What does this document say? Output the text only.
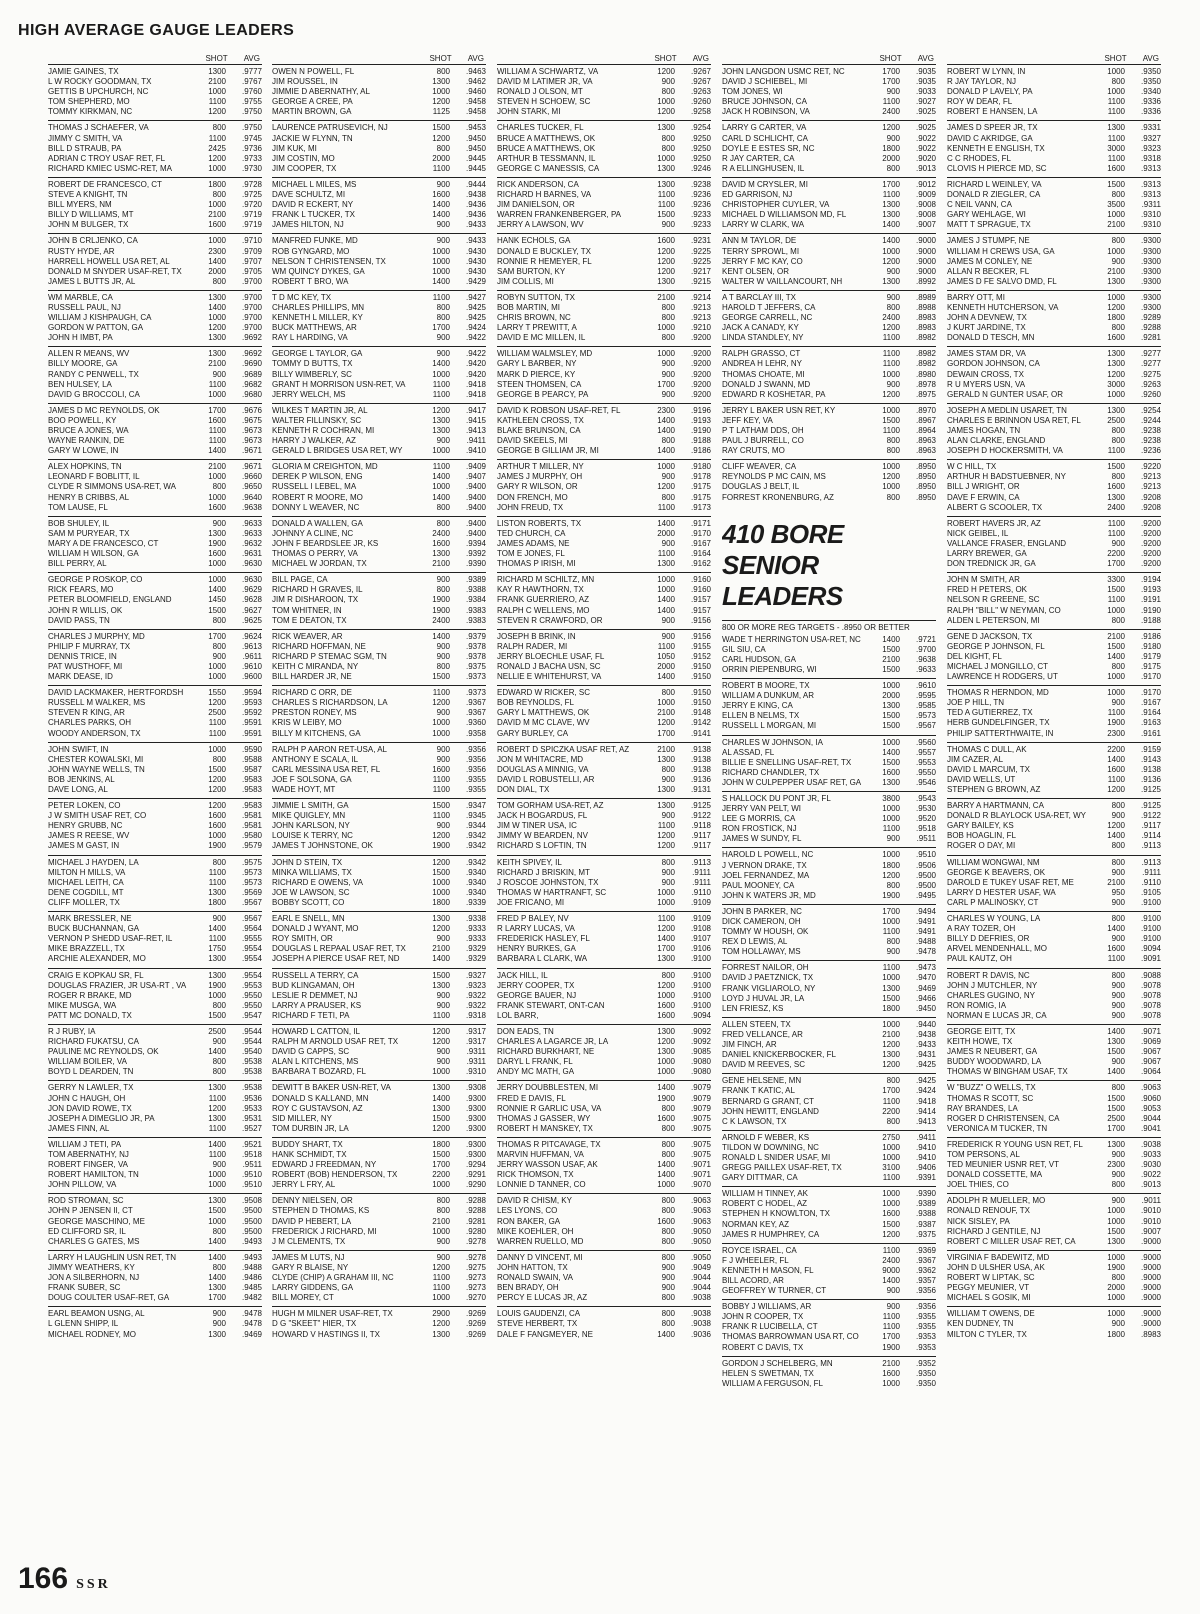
HIGH AVERAGE GAUGE LEADERS
SHOT AVG
JAMIE GAINES, TX	1300	.9777
L W ROCKY GOODMAN, TX	2100	.9767
GETTIS B UPCHURCH, NC	1000	.9760
TOM SHEPHERD, MO	1100	.9755
TOMMY KIRKMAN, NC	1200	.9750
THOMAS J SCHAEFER, VA	800	.9750
JIMMY C SMITH, VA	1100	.9745
BILL D STRAUB, PA	2425	.9736
ADRIAN C TROY USAF RET, FL	1200	.9733
RICHARD KMIEC USMC-RET, MA	1000	.9730
ROBERT DE FRANCESCO, CT	1800	.9728
STEVE A KNIGHT, TN	800	.9725
BILL MYERS, NM	1000	.9720
BILLY D WILLIAMS, MT	2100	.9719
JOHN M BULGER, TX	1600	.9719
JOHN B CRLJENKO, CA	1000	.9710
RUSTY HYDE, AR	2300	.9709
HARRELL HOWELL USA RET, AL	1400	.9707
DONALD M SNYDER USAF-RET, TX	2000	.9705
JAMES L BUTTS JR, AL	800	.9700
WM MARBLE, CA	1300	.9700
RUSSELL PAUL, NJ	1400	.9700
WILLIAM J KISHPAUGH, CA	1000	.9700
GORDON W PATTON, GA	1200	.9700
JOHN H IMBT, PA	1300	.9692
ALLEN R MEANS, WV	1300	.9692
BILLY MOORE, GA	2100	.9690
RANDY C PENWELL, TX	900	.9689
BEN HULSEY, LA	1100	.9682
DAVID G BROCCOLI, CA	1000	.9680
JAMES D MC REYNOLDS, OK	1700	.9676
BOO POWELL, KY	1600	.9675
BRUCE A JONES, WA	1100	.9673
WAYNE RANKIN, DE	1100	.9673
GARY W LOWE, IN	1400	.9671
ALEX HOPKINS, TN	2100	.9671
LEONARD F BOBLITT, IL	1000	.9660
CLYDE R SIMMONS USA-RET, WA	800	.9650
HENRY B CRIBBS, AL	1000	.9640
TOM LAUSE, FL	1600	.9638
BOB SHULEY, IL	900	.9633
SAM M PURYEAR, TX	1300	.9633
MARY A DE FRANCESCO, CT	1900	.9632
WILLIAM H WILSON, GA	1600	.9631
BILL PERRY, AL	1000	.9630
GEORGE P ROSKOP, CO	1000	.9630
RICK FEARS, MO	1400	.9629
PETER BLOOMFIELD, ENGLAND	1450	.9628
JOHN R WILLIS, OK	1500	.9627
DAVID PASS, TN	800	.9625
CHARLES J MURPHY, MD	1700	.9624
PHILIP F MURRAY, TX	800	.9613
DENNIS TRICE, IN	900	.9611
PAT WUSTHOFF, MI	1000	.9610
MARK DEASE, ID	1000	.9600
DAVID LACKMAKER, HERTFORDSH	1550	.9594
RUSSELL M WALKER, MS	1200	.9593
STEVEN R KING, AR	2500	.9592
CHARLES PARKS, OH	1100	.9591
WOODY ANDERSON, TX	1100	.9591
JOHN SWIFT, IN	1000	.9590
CHESTER KOWALSKI, MI	800	.9588
JOHN WAYNE WELLS, TN	1500	.9587
BOB JENKINS, AL	1200	.9583
DAVE LONG, AL	1200	.9583
PETER LOKEN, CO	1200	.9583
J W SMITH USAF RET, CO	1600	.9581
HENRY GRUBB, NC	1600	.9581
JAMES R REESE, WV	1000	.9580
JAMES M GAST, IN	1900	.9579
MICHAEL J HAYDEN, LA	800	.9575
MILTON H MILLS, VA	1100	.9573
MICHAEL LEITH, CA	1100	.9573
DENE COGDILL, MT	1300	.9569
CLIFF MOLLER, TX	1800	.9567
MARK BRESSLER, NE	900	.9567
BUCK BUCHANNAN, GA	1400	.9564
VERNON P SHEDD USAF-RET, IL	1100	.9555
MIKE BRAZZELL, TX	1750	.9554
ARCHIE ALEXANDER, MO	1300	.9554
CRAIG E KOPKAU SR, FL	1300	.9554
DOUGLAS FRAZIER, JR USA-RT , VA	1900	.9553
ROGER R BRAKE, MD	1000	.9550
MIKE MUSGA, WA	800	.9550
PATT MC DONALD, TX	1500	.9547
R J RUBY, IA	2500	.9544
RICHARD FUKATSU, CA	900	.9544
PAULINE MC REYNOLDS, OK	1400	.9540
WILLIAM BOILER, VA	800	.9538
BOYD L DEARDEN, TN	800	.9538
GERRY N LAWLER, TX	1300	.9538
JOHN C HAUGH, OH	1100	.9536
JON DAVID ROWE, TX	1200	.9533
JOSEPH A DIMEGLIO JR, PA	1300	.9531
JAMES FINN, AL	1100	.9527
WILLIAM J TETI, PA	1400	.9521
TOM ABERNATHY, NJ	1100	.9518
ROBERT FINGER, VA	900	.9511
ROBERT HAMILTON, TN	1000	.9510
JOHN PILLOW, VA	1000	.9510
ROD STROMAN, SC	1300	.9508
JOHN P JENSEN II, CT	1500	.9500
GEORGE MASCHINO, ME	1000	.9500
ED CLIFFORD SR, IL	800	.9500
CHARLES G GATES, MS	1400	.9493
LARRY H LAUGHLIN USN RET, TN	1400	.9493
JIMMY WEATHERS, KY	800	.9488
JON A SILBERHORN, NJ	1400	.9486
FRANK SUBER, SC	1300	.9485
DOUG COULTER USAF-RET, GA	1700	.9482
EARL BEAMON USNG, AL	900	.9478
L GLENN SHIPP, IL	900	.9478
MICHAEL RODNEY, MO	1300	.9469
SHOT AVG
OWEN N POWELL, FL	800	.9463
JIM ROUSSEL, IN	1300	.9462
JIMMIE D ABERNATHY, AL	1000	.9460
GEORGE A CREE, PA	1200	.9458
MARTIN BROWN, GA	1125	.9458
LAURENCE PATRUSEVICH, NJ	1500	.9453
JACKIE W FLYNN, TN	1200	.9450
JIM KUK, MI	800	.9450
JIM COSTIN, MO	2000	.9445
JIM COOPER, TX	1100	.9445
MICHAEL L MILES, MS	900	.9444
DAVE SCHULTZ, MI	1600	.9438
DAVID R ECKERT, NY	1400	.9436
FRANK L TUCKER, TX	1400	.9436
JAMES HILTON, NJ	900	.9433
MANFRED FUNKE, MD	900	.9433
ROB GYNGARD, MO	1000	.9430
NELSON T CHRISTENSEN, TX	1000	.9430
WM QUINCY DYKES, GA	1000	.9430
ROBERT T BRO, WA	1400	.9429
T D MC KEY, TX	1100	.9427
CHARLES PHILLIPS, MN	800	.9425
KENNETH L MILLER, KY	800	.9425
BUCK MATTHEWS, AR	1700	.9424
RAY L HARDING, VA	900	.9422
GEORGE L TAYLOR, GA	900	.9422
TOMMY D BUTTS, TX	1400	.9420
BILLY WIMBERLY, SC	1000	.9420
GRANT H MORRISON USN-RET, VA	1100	.9418
JERRY WELCH, MS	1100	.9418
WILKES T MARTIN JR, AL	1200	.9417
WALTER FILLINSKY, SC	1300	.9415
KENNETH R COCHRAN, MI	1300	.9413
HARRY J WALKER, AZ	900	.9411
GERALD L BRIDGES USA RET, WY	1000	.9410
GLORIA M CREIGHTON, MD	1100	.9409
DEREK P WILSON, ENG	1400	.9407
RUSSELL I LEBEL, MA	1000	.9400
ROBERT R MOORE, MO	1400	.9400
DONNY L WEAVER, NC	800	.9400
DONALD A WALLEN, GA	800	.9400
JOHNNY A CLINE, NC	2400	.9400
JOHN F BEARDSLEE JR, KS	1600	.9394
THOMAS O PERRY, VA	1300	.9392
MICHAEL W JORDAN, TX	2100	.9390
BILL PAGE, CA	900	.9389
RICHARD H GRAVES, IL	800	.9388
JIM R DISHAROON, TX	1900	.9384
TOM WHITNER, IN	1900	.9383
TOM E DEATON, TX	2400	.9383
RICK WEAVER, AR	1400	.9379
RICHARD HOFFMAN, NE	900	.9378
RICHARD P STEMAC SGM, TN	900	.9378
KEITH C MIRANDA, NY	800	.9375
BILL HARDER JR, NE	1500	.9373
RICHARD C ORR, DE	1100	.9373
CHARLES S RICHARDSON, LA	1200	.9367
PRESTON RONEY, MS	900	.9367
KRIS W LEIBY, MO	1000	.9360
BILLY M KITCHENS, GA	1000	.9358
RALPH P AARON RET-USA, AL	900	.9356
ANTHONY E SCALA, IL	900	.9356
CARL MESSINA USA RET, FL	1600	.9356
JOE F SOLSONA, GA	1100	.9355
WADE HOYT, MT	1100	.9355
JIMMIE L SMITH, GA	1500	.9347
MIKE QUIGLEY, MN	1100	.9345
JOHN KARLSON, NY	900	.9344
LOUISE K TERRY, NC	1200	.9342
JAMES T JOHNSTONE, OK	1900	.9342
JOHN D STEIN, TX	1200	.9342
MINKA WILLIAMS, TX	1500	.9340
RICHARD E OWENS, VA	1000	.9340
JOE W LAWSON, SC	1000	.9340
BOBBY SCOTT, CO	1800	.9339
EARL E SNELL, MN	1300	.9338
DONALD J WYANT, MO	1200	.9333
ROY SMITH, OR	900	.9333
DOUGLAS L REPAAL USAF RET, TX	2100	.9329
JOSEPH A PIERCE USAF RET, ND	1400	.9329
RUSSELL A TERRY, CA	1500	.9327
BUD KLINGAMAN, OH	1300	.9323
LESLIE R DEMMET, NJ	900	.9322
LARRY A PRAUSER, KS	900	.9322
RICHARD F TETI, PA	1100	.9318
HOWARD L CATTON, IL	1200	.9317
RALPH M ARNOLD USAF RET, TX	1200	.9317
DAVID G CAPPS, SC	900	.9311
ALAN L KITCHENS, MS	900	.9311
BARBARA T BOZARD, FL	1000	.9310
DEWITT B BAKER USN-RET, VA	1300	.9308
DONALD S KALLAND, MN	1400	.9300
ROY C GUSTAVSON, AZ	1300	.9300
SID MILLER, NY	1500	.9300
TOM DURBIN JR, LA	1200	.9300
BUDDY SHART, TX	1800	.9300
HANK SCHMIDT, TX	1500	.9300
EDWARD J FREEDMAN, NY	1700	.9294
ROBERT (BOB) HENDERSON, TX	2200	.9291
JERRY L FRY, AL	1000	.9290
DENNY NIELSEN, OR	800	.9288
STEPHEN D THOMAS, KS	800	.9288
DAVID P HEBERT, LA	2100	.9281
FREDERICK J RICHARD, MI	1000	.9280
J M CLEMENTS, TX	900	.9278
JAMES M LUTS, NJ	900	.9278
GARY R BLAISE, NY	1200	.9275
CLYDE (CHIP) A GRAHAM III, NC	1100	.9273
LARRY GIDDENS, GA	1100	.9273
BILL MOREY, CT	1000	.9270
HUGH M MILNER USAF-RET, TX	2900	.9269
D G "SKEET" HIER, TX	1200	.9269
HOWARD V HASTINGS II, TX	1300	.9269
SHOT AVG
WILLIAM A SCHWARTZ, VA	1200	.9267
DAVID M LATIMER JR, VA	900	.9267
RONALD J OLSON, MT	800	.9263
STEVEN H SCHOEW, SC	1000	.9260
JOHN STARK, MI	1200	.9258
CHARLES TUCKER, FL	1300	.9254
BRUCE A MATTHEWS, OK	800	.9250
BRUCE A MATTHEWS, OK	800	.9250
ARTHUR B TESSMANN, IL	1000	.9250
GEORGE C MANESSIS, CA	1300	.9246
RICK ANDERSON, CA	1300	.9238
RICHARD H BARNES, VA	1100	.9236
JIM DANIELSON, OR	1100	.9236
WARREN FRANKENBERGER, PA	1500	.9233
JERRY A LAWSON, WV	900	.9233
HANK ECHOLS, GA	1600	.9231
DONALD E BUCKLEY, TX	1200	.9225
RONNIE R HEMEYER, FL	1200	.9225
SAM BURTON, KY	1200	.9217
JIM COLLIS, MI	1300	.9215
ROBYN SUTTON, TX	2100	.9214
BOB MARTIN, MI	800	.9213
CHRIS BROWN, NC	800	.9213
LARRY T PREWITT, A	1000	.9210
DAVID E MC MILLEN, IL	800	.9200
WILLIAM WALMSLEY, MD	1000	.9200
GARY L BARBER, NY	900	.9200
MARK D PIERCE, KY	900	.9200
STEEN THOMSEN, CA	1700	.9200
GEORGE B PEARCY, PA	900	.9200
DAVID K ROBSON USAF-RET, FL	2300	.9196
KATHLEEN CROSS, TX	1400	.9193
BLAKE BRUNSON, CA	1400	.9190
DAVID SKEELS, MI	800	.9188
GEORGE B GILLIAM JR, MI	1400	.9186
ARTHUR T MILLER, NY	1000	.9180
JAMES J MURPHY, OH	900	.9178
GARY R WILSON, OR	1200	.9175
DON FRENCH, MO	800	.9175
JOHN FREUD, TX	1100	.9173
LISTON ROBERTS, TX	1400	.9171
TED CHURCH, CA	2000	.9170
JAMES ADAMS, NE	900	.9167
TOM E JONES, FL	1100	.9164
THOMAS P IRISH, MI	1300	.9162
RICHARD M SCHILTZ, MN	1000	.9160
KAY R HAWTHORN, TX	1000	.9160
FRANK GUERRIERO, AZ	1400	.9157
RALPH C WELLENS, MO	1400	.9157
STEVEN R CRAWFORD, OR	900	.9156
JOSEPH B BRINK, IN	900	.9156
RALPH RADER, MI	1100	.9155
JERRY BLOECHLE USAF, FL	1050	.9152
RONALD J BACHA USN, SC	2000	.9150
NELLIE E WHITEHURST, VA	1400	.9150
EDWARD W RICKER, SC	800	.9150
BOB REYNOLDS, FL	1000	.9150
GARY L MATTHEWS, OK	2100	.9148
DAVID M MC CLAVE, WV	1200	.9142
GARY BURLEY, CA	1700	.9141
ROBERT D SPICZKA USAF RET, AZ	2100	.9138
JON M WHITACRE, MD	1300	.9138
DOUGLAS A MINNIG, VA	800	.9138
DAVID L ROBUSTELLI, AR	900	.9136
DON DIAL, TX	1300	.9131
TOM GORHAM USA-RET, AZ	1300	.9125
JACK H BOGARDUS, FL	900	.9122
JIM W TINER USA, IC	1100	.9118
JIMMY W BEARDEN, NV	1200	.9117
RICHARD S LOFTIN, TN	1200	.9117
KEITH SPIVEY, IL	800	.9113
RICHARD J BRISKIN, MT	900	.9111
J ROSCOE JOHNSTON, TX	900	.9111
THOMAS W HARTRANFT, SC	1000	.9110
JOE FRICANO, MI	1000	.9109
FRED P BALEY, NV	1100	.9109
R LARRY LUCAS, VA	1200	.9108
FREDERICK HASLEY, FL	1400	.9107
HENRY BURKES, GA	1700	.9106
BARBARA L CLARK, WA	1300	.9100
JACK HILL, IL	800	.9100
JERRY COOPER, TX	1200	.9100
GEORGE BAUER, NJ	1000	.9100
FRANK STEWART, ONT-CAN	1600	.9100
LOL BARR,	1600	.9094
DON EADS, TN	1300	.9092
CHARLES A LAGARCE JR, LA	1200	.9092
RICHARD BURKHART, NE	1300	.9085
DARYL L FRANK, FL	1000	.9080
ANDY MC MATH, GA	1000	.9080
JERRY DOUBBLESTEN, MI	1400	.9079
FRED E DAVIS, FL	1900	.9079
RONNIE R GARLIC USA, VA	800	.9079
THOMAS J GASSER, WY	1600	.9075
ROBERT H MANSKEY, TX	800	.9075
THOMAS R PITCAVAGE, TX	800	.9075
MARVIN HUFFMAN, VA	800	.9075
JERRY WASSON USAF, AK	1400	.9071
RICK THOMSON, TX	1400	.9071
LONNIE D TANNER, CO	1000	.9070
DAVID R CHISM, KY	800	.9063
LES LYONS, CO	800	.9063
RON BAKER, GA	1600	.9063
MIKE KOEHLER, OH	800	.9050
WARREN RUELLO, MD	800	.9050
DANNY D VINCENT, MI	800	.9050
JOHN HATTON, TX	900	.9049
RONALD SWAIN, VA	900	.9044
BEN BRADY, OH	900	.9044
PERCY E LUCAS JR, AZ	800	.9038
LOUIS GAUDENZI, CA	800	.9038
STEVE HERBERT, TX	800	.9038
DALE F FANGMEYER, NE	1400	.9036
SHOT AVG
JOHN LANGDON USMC RET, NC	1700	.9035
DAVID J SCHIEBEL, MI	1700	.9035
TOM JONES, WI	900	.9033
BRUCE JOHNSON, CA	1100	.9027
JACK H ROBINSON, VA	2400	.9025
LARRY G CARTER, VA	1200	.9025
CARL D SCHLICHT, CA	900	.9022
DOYLE E ESTES SR, NC	1800	.9022
R JAY CARTER, CA	2000	.9020
R A ELLINGHUSEN, IL	800	.9013
DAVID M CRYSLER, MI	1700	.9012
ED GARRISON, NJ	1100	.9009
CHRISTOPHER CUYLER, VA	1300	.9008
MICHAEL D WILLIAMSON MD, FL	1300	.9008
LARRY W CLARK, WA	1400	.9007
ANN M TAYLOR, DE	1400	.9000
TERRY SPROWL, MI	1000	.9000
JERRY F MC KAY, CO	1200	.9000
KENT OLSEN, OR	900	.9000
WALTER W VAILLANCOURT, NH	1300	.8992
A T BARCLAY III, TX	900	.8989
HAROLD T JEFFERS, CA	800	.8988
GEORGE CARRELL, NC	2400	.8983
JACK A CANADY, KY	1200	.8983
LINDA STANDLEY, NY	1100	.8982
RALPH GRASSO, CT	1100	.8982
ANDREA H LEHR, NY	1100	.8982
THOMAS CHOATE, MI	1000	.8980
DONALD J SWANN, MD	900	.8978
EDWARD R KOSHETAR, PA	1200	.8975
JERRY L BAKER USN RET, KY	1000	.8970
JEFF KEY, VA	1500	.8967
P T LATHAM DDS, OH	1100	.8964
PAUL J BURRELL, CO	800	.8963
RAY CRUTS, MO	800	.8963
CLIFF WEAVER, CA	1000	.8950
REYNOLDS P MC CAIN, MS	1200	.8950
DOUGLAS J BELT, IL	1000	.8950
FORREST KRONENBURG, AZ	800	.8950
410 BORE SENIOR
LEADERS
800 OR MORE REG TARGETS - .8950 OR BETTER
WADE T HERRINGTON USA-RET, NC	1400	.9721
GIL SIU, CA	1500	.9700
CARL HUDSON, GA	2100	.9638
ORRIN PIEPENBURG, WI	1500	.9633
ROBERT B MOORE, TX	1000	.9610
WILLIAM A DUNKUM, AR	2000	.9595
JERRY E KING, CA	1300	.9585
ELLEN B NELMS, TX	1500	.9573
RUSSELL L MORGAN, MI	1500	.9567
CHARLES W JOHNSON, IA	1000	.9560
AL ASSAD, FL	1400	.9557
BILLIE E SNELLING USAF-RET, TX	1500	.9553
RICHARD CHANDLER, TX	1600	.9550
JOHN W CULPEPPER USAF RET, GA	1300	.9546
S HALLOCK DU PONT JR, FL	3800	.9543
JERRY VAN PELT, WI	1000	.9530
LEE G MORRIS, CA	1000	.9520
RON FROSTICK, NJ	1100	.9518
JAMES W SUNDY, FL	900	.9511
HAROLD L POWELL, NC	1000	.9510
J VERNON DRAKE, TX	1800	.9506
JOEL FERNANDEZ, MA	1200	.9500
PAUL MOONEY, CA	800	.9500
JOHN K WATERS JR, MD	1900	.9495
JOHN B PARKER, NC	1700	.9494
DICK CAMERON, OH	1000	.9491
TOMMY W HOUSH, OK	1100	.9491
REX D LEWIS, AL	800	.9488
TOM HOLLAWAY, MS	900	.9478
FORREST NAILOR, OH	1100	.9473
DAVID J PAETZNICK, TX	1000	.9470
FRANK VIGLIAROLO, NY	1300	.9469
LOYD J HUVAL JR, LA	1500	.9466
LEN FRIESZ, KS	1800	.9450
ALLEN STEEN, TX	1000	.9440
FRED VELLANCE, AR	2100	.9438
JIM FINCH, AR	1200	.9433
DANIEL KNICKERBOCKER, FL	1300	.9431
DAVID M REEVES, SC	1200	.9425
GENE HELSENE, MN	800	.9425
FRANK T KATIC, AL	1700	.9424
BERNARD G GRANT, CT	1100	.9418
JOHN HEWITT, ENGLAND	2200	.9414
C K LAWSON, TX	800	.9413
ARNOLD F WEBER, KS	2750	.9411
TILDON W DOWNING, NC	1000	.9410
RONALD L SNIDER USAF, MI	1000	.9410
GREGG PAILLEX USAF-RET, TX	3100	.9406
GARY DITTMAR, CA	1100	.9391
WILLIAM H TINNEY, AK	1000	.9390
ROBERT C HODEL, AZ	1000	.9389
STEPHEN H KNOWLTON, TX	1600	.9388
NORMAN KEY, AZ	1500	.9387
JAMES R HUMPHREY, CA	1200	.9375
ROYCE ISRAEL, CA	1100	.9369
F J WHEELER, FL	2400	.9367
KENNETH H MASON, FL	9000	.9362
BILL ACORD, AR	1400	.9357
GEOFFREY W TURNER, CT	900	.9356
BOBBY J WILLIAMS, AR	900	.9356
JOHN R COOPER, TX	1100	.9355
FRANK R LUCIBELLA, CT	1100	.9355
THOMAS BARROWMAN USA RT, CO	1700	.9353
ROBERT C DAVIS, TX	1900	.9353
GORDON J SCHELBERG, MN	2100	.9352
HELEN S SWETMAN, TX	1600	.9350
WILLIAM A FERGUSON, FL	1000	.9350
SHOT AVG
ROBERT W LYNN, IN	1000	.9350
R JAY TAYLOR, NJ	800	.9350
DONALD P LAVELY, PA	1000	.9340
ROY W DEAR, FL	1100	.9336
ROBERT E HANSEN, LA	1100	.9336
JAMES D SPEER JR, TX	1300	.9331
DAVID C AKRIDGE, GA	1100	.9327
KENNETH E ENGLISH, TX	3000	.9323
C C RHODES, FL	1100	.9318
CLOVIS H PIERCE MD, SC	1600	.9313
RICHARD L WEINLEY, VA	1500	.9313
DONALD R ZIEGLER, CA	800	.9313
C NEIL VANN, CA	3500	.9311
GARY WEHLAGE, WI	1000	.9310
MATT T SPRAGUE, TX	2100	.9310
JAMES J STUMPF, NE	800	.9300
WILLIAM H CREWS USA, GA	1000	.9300
JAMES M CONLEY, NE	900	.9300
ALLAN R BECKER, FL	2100	.9300
JAMES D FE SALVO DMD, FL	1300	.9300
BARRY OTT, MI	1000	.9300
KENNETH HUTCHERSON, VA	1200	.9300
JOHN A DEVNEW, TX	1800	.9289
J KURT JARDINE, TX	800	.9288
DONALD D TESCH, MN	1600	.9281
JAMES STAM DR, VA	1300	.9277
GORDON JOHNSON, CA	1300	.9277
DEWAIN CROSS, TX	1200	.9275
R U MYERS USN, VA	3000	.9263
GERALD N GUNTER USAF, OR	1000	.9260
JOSEPH A MEDLIN USARET, TN	1300	.9254
CHARLES E BRINNON USA RET, FL	2500	.9244
JAMES HOGAN, TN	800	.9238
ALAN CLARKE, ENGLAND	800	.9238
JOSEPH D HOCKERSMITH, VA	1100	.9236
W C HILL, TX	1500	.9220
ARTHUR H BADSTUEBNER, NY	800	.9213
BILL J WRIGHT, OR	1600	.9213
DAVE F ERWIN, CA	1300	.9208
ALBERT G SCOOLER, TX	2400	.9208
ROBERT HAVERS JR, AZ	1100	.9200
NICK GEIBEL, IL	1100	.9200
VALLANCE FRASER, ENGLAND	900	.9200
LARRY BREWER, GA	2200	.9200
DON TREDNICK JR, GA	1700	.9200
JOHN M SMITH, AR	3300	.9194
FRED H PETERS, OK	1500	.9193
NELSON R GREENE, SC	1100	.9191
RALPH "BILL" W NEYMAN, CO	1000	.9190
ALDEN L PETERSON, MI	800	.9188
GENE D JACKSON, TX	2100	.9186
GEORGE P JOHNSON, FL	1500	.9180
DEL KIGHT, FL	1400	.9179
MICHAEL J MONGILLO, CT	800	.9175
LAWRENCE H RODGERS, UT	1000	.9170
THOMAS R HERNDON, MD	1000	.9170
JOE P HILL, TN	900	.9167
TED A GUTIERREZ, TX	1100	.9164
HERB GUNDELFINGER, TX	1900	.9163
PHILIP SATTERTHWAITE, IN	2300	.9161
THOMAS C DULL, AK	2200	.9159
JIM CAZER, AL	1400	.9143
DAVID L MARCUM, TX	1600	.9138
DAVID WELLS, UT	1100	.9136
STEPHEN G BROWN, AZ	1200	.9125
BARRY A HARTMANN, CA	800	.9125
DONALD R BLAYLOCK USA-RET, WY	900	.9122
GARY BAILEY, KS	1200	.9117
BOB HOAGLIN, FL	1400	.9114
ROGER O DAY, MI	800	.9113
WILLIAM WONGWAI, NM	800	.9113
GEORGE K BEAVERS, OK	900	.9111
DAROLD E TUKEY USAF RET, ME	2100	.9110
LARRY D HESTER USAF, WA	950	.9105
CARL P MALINOSKY, CT	900	.9100
CHARLES W YOUNG, LA	800	.9100
A RAY TOZER, OH	1400	.9100
BILLY D DEFRIES, OR	900	.9100
ARVEL MENDENHALL, MO	1600	.9094
PAUL KAUTZ, OH	1100	.9091
ROBERT R DAVIS, NC	800	.9088
JOHN J MUTCHLER, NY	900	.9078
CHARLES GUGINO, NY	900	.9078
RON ROMIG, IA	900	.9078
NORMAN E LUCAS JR, CA	900	.9078
GEORGE EITT, TX	1400	.9071
KEITH HOWE, TX	1300	.9069
JAMES R NEUBERT, GA	1500	.9067
BUDDY WOODWARD, LA	900	.9067
THOMAS W BINGHAM USAF, TX	1400	.9064
W "BUZZ" O WELLS, TX	800	.9063
THOMAS R SCOTT, SC	1500	.9060
RAY BRANDES, LA	1500	.9053
ROGER D CHRISTENSEN, CA	2500	.9044
VERONICA M TUCKER, TN	1700	.9041
FREDERICK R YOUNG USN RET, FL	1300	.9038
TOM PERSONS, AL	900	.9033
TED MEUNIER USNR RET, VT	2300	.9030
DONALD COSSETTE, MA	900	.9022
JOEL THIES, CO	800	.9013
ADOLPH R MUELLER, MO	900	.9011
RONALD RENOUF, TX	1000	.9010
NICK SISLEY, PA	1000	.9010
RICHARD J GENTILE, NJ	1500	.9007
ROBERT C MILLER USAF RET, CA	1300	.9000
VIRGINIA F BADEWITZ, MD	1000	.9000
JOHN D ULSHER USA, AK	1900	.9000
ROBERT W LIPTAK, SC	800	.9000
PEGGY MEUNIER, VT	2000	.9000
MICHAEL S GOSIK, MI	1000	.9000
WILLIAM T OWENS, DE	1000	.9000
KEN DUDNEY, TN	900	.9000
MILTON C TYLER, TX	1800	.8983
166 SSR
